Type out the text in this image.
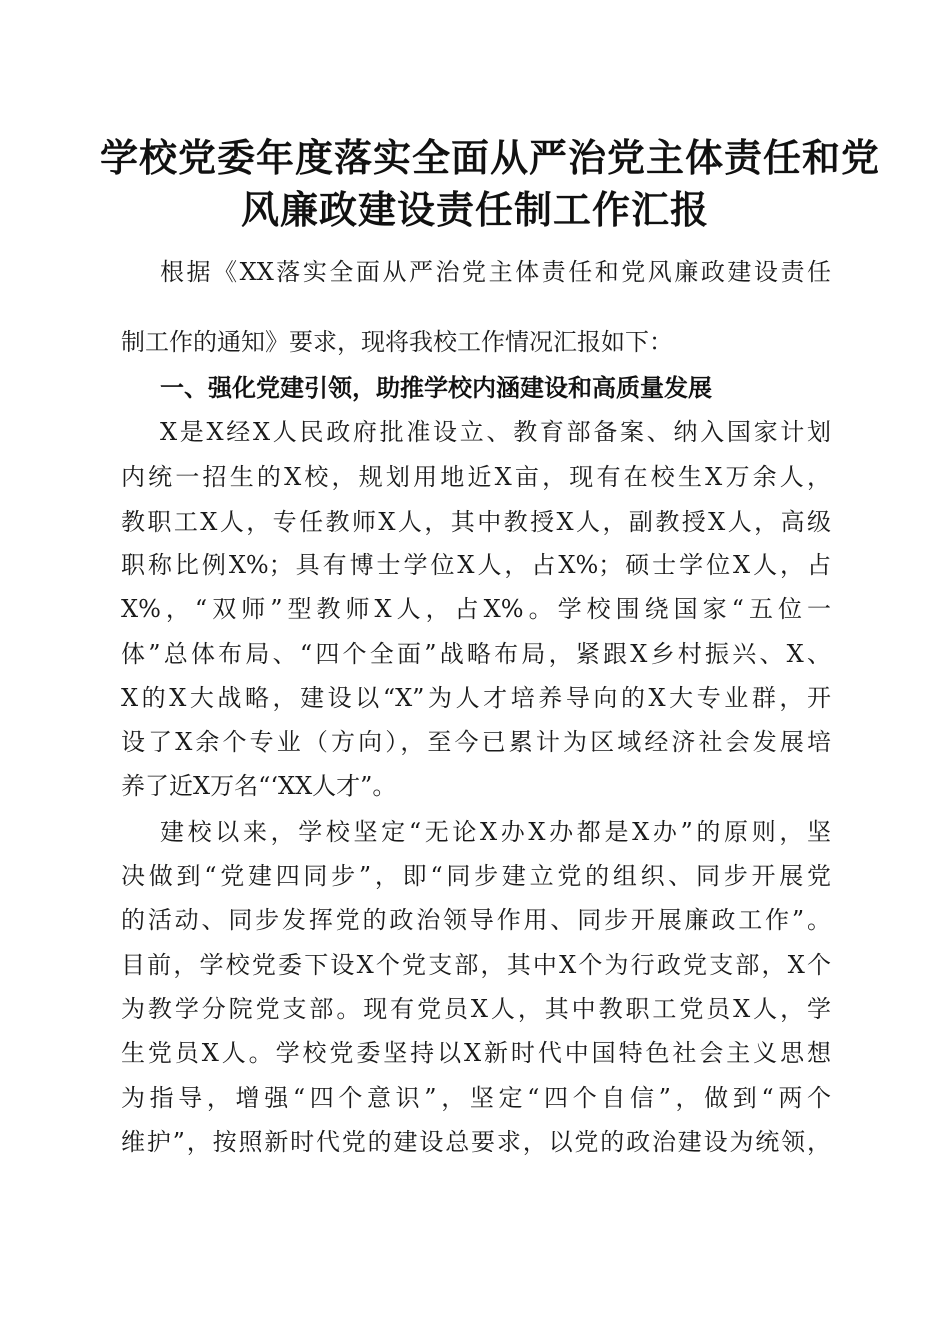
学校党委年度落实全面从严治党主体责任和党
风廉政建设责任制工作汇报
根据《XX落实全面从严治党主体责任和党风廉政建设责任
制工作的通知》要求，现将我校工作情况汇报如下：
一、强化党建引领，助推学校内涵建设和高质量发展
X是X经X人民政府批准设立、教育部备案、纳入国家计划
内统一招生的X校，规划用地近X亩，现有在校生X万余人，
教职工X人，专任教师X人，其中教授X人，副教授X人，高级
职称比例X%；具有博士学位X人，占X%；硕士学位X人，占
X%，“双师”型教师X人，占X%。学校围绕国家“五位一
体”总体布局、“四个全面”战略布局，紧跟X乡村振兴、X、
X的X大战略，建设以“X”为人才培养导向的X大专业群，开
设了X余个专业（方向），至今已累计为区域经济社会发展培
养了近X万名“‘XX人才”。
建校以来，学校坚定“无论X办X办都是X办”的原则，坚
决做到“党建四同步”，即“同步建立党的组织、同步开展党
的活动、同步发挥党的政治领导作用、同步开展廉政工作”。
目前，学校党委下设X个党支部，其中X个为行政党支部，X个
为教学分院党支部。现有党员X人，其中教职工党员X人，学
生党员X人。学校党委坚持以X新时代中国特色社会主义思想
为指导，增强“四个意识”，坚定“四个自信”，做到“两个
维护”，按照新时代党的建设总要求，以党的政治建设为统领，
